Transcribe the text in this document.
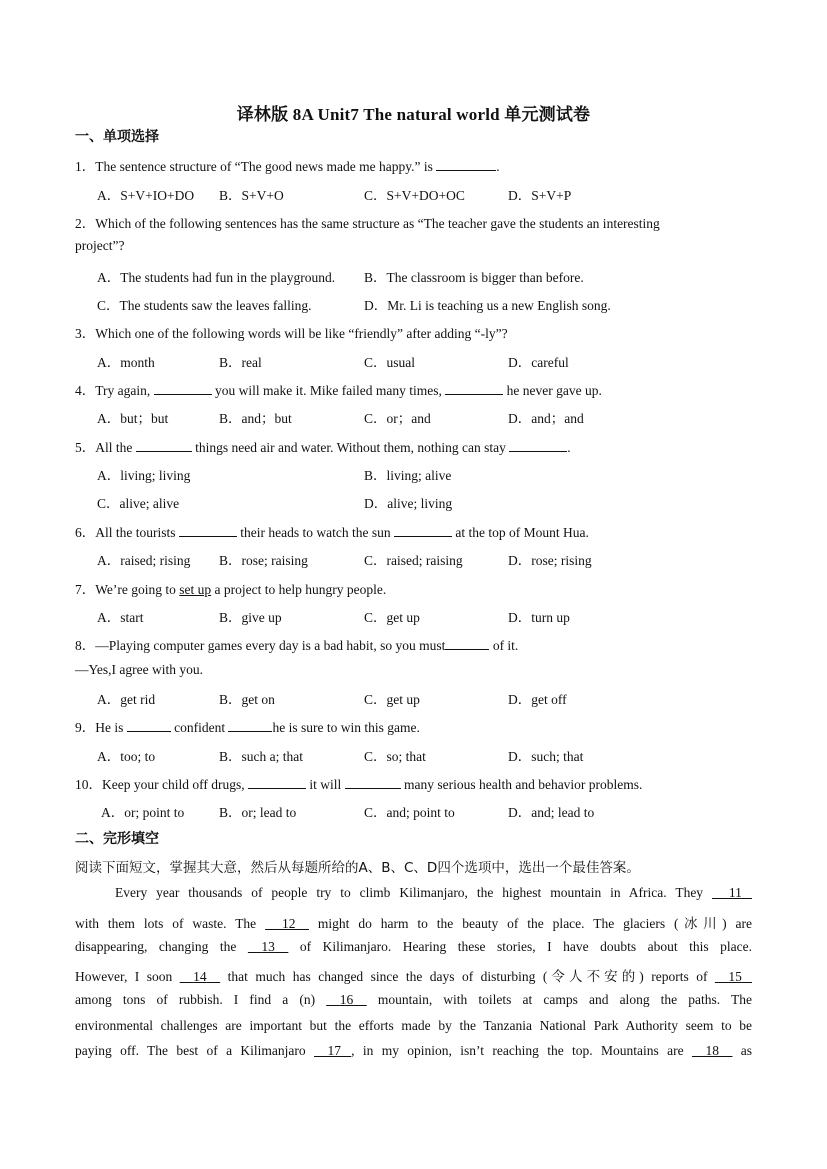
译林版 8A Unit7 The natural world 单元测试卷
一、单项选择
1．The sentence structure of “The good news made me happy.” is	.
A．S+V+IO+DO B．S+V+O	C．S+V+DO+OC	D．S+V+P
2．Which of the following sentences has the same structure as “The teacher gave the students an interesting
project”?
A．The students had fun in the playground. B．The classroom is bigger than before.
C．The students saw the leaves falling.	D．Mr. Li is teaching us a new English song.
3．Which one of the following words will be like “friendly” after adding “-ly”?
A．month	B．real	C．usual	D．careful
4．Try again,	you will make it. Mike failed many times,	he never gave up.
A．but；but	B．and；but	C．or；and	D．and；and
5．All the	things need air and water. Without them, nothing can stay	.
A．living; living	B．living; alive
C．alive; alive	D．alive; living
6．All the tourists	their heads to watch the sun	at the top of Mount Hua.
A．raised; rising B．rose; raising	C．raised; raising	D．rose; rising
7．We’re going to set up a project to help hungry people.
A．start	B．give up	C．get up	D．turn up
8．—Playing computer games every day is a bad habit, so you must	of it.
—Yes,I agree with you.
A．get rid	B．get on	C．get up	D．get off
9．He is	confident	he is sure to win this game.
A．too; to	B．such a; that	C．so; that	D．such; that
10．Keep your child off drugs,	it will	many serious health and behavior problems.
A．or; point to	B．or; lead to	C．and; point to	D．and; lead to
二、完形填空
阅读下面短文，掌握其大意，然后从每题所给的A、B、C、D四个选项中，选出一个最佳答案。
Every year thousands of people try to climb Kilimanjaro, the highest mountain in Africa. They 11
with them lots of waste. The 12 might do harm to the beauty of the place. The glaciers (冰川) are
disappearing, changing the 13 of Kilimanjaro. Hearing these stories, I have doubts about this place.
However, I soon 14 that much has changed since the days of disturbing (令人不安的) reports of 15
among tons of rubbish. I find a (n) 16 mountain, with toilets at camps and along the paths. The
environmental challenges are important but the efforts made by the Tanzania National Park Authority seem to be
paying off. The best of a Kilimanjaro 17 , in my opinion, isn’t reaching the top. Mountains are 18 as
